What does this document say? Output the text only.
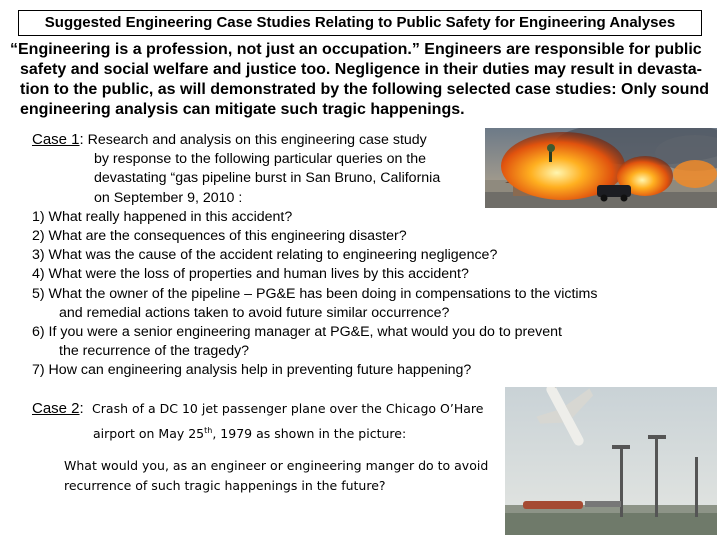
Suggested Engineering Case Studies Relating to Public Safety for Engineering Analyses
“Engineering is a profession, not just an occupation.” Engineers are responsible for public
safety and social welfare and justice too. Negligence in their duties may result in devasta-
tion to the public, as will demonstrated by the following selected case studies: Only sound
engineering analysis can mitigate such tragic happenings.
Case 1: Research and analysis on this engineering case study
by response to the following particular queries on the
devastating “gas pipeline burst in San Bruno, California
on September 9, 2010 :
1) What really happened in this accident?
2) What are the consequences of this engineering disaster?
3) What was the cause of the accident relating to engineering negligence?
4) What were the loss of properties and human lives by this accident?
5) What the owner of the pipeline – PG&E has been doing in compensations to the victims
and remedial actions taken to avoid future similar occurrence?
6) If you were a senior engineering manager at PG&E, what would you do to prevent
the recurrence of the tragedy?
7) How can engineering analysis help in preventing future happening?
Case 2: Crash of a DC 10 jet passenger plane over the Chicago O’Hare
airport on May 25th, 1979 as shown in the picture:
What would you, as an engineer or engineering manger do to avoid
recurrence of such tragic happenings in the future?
